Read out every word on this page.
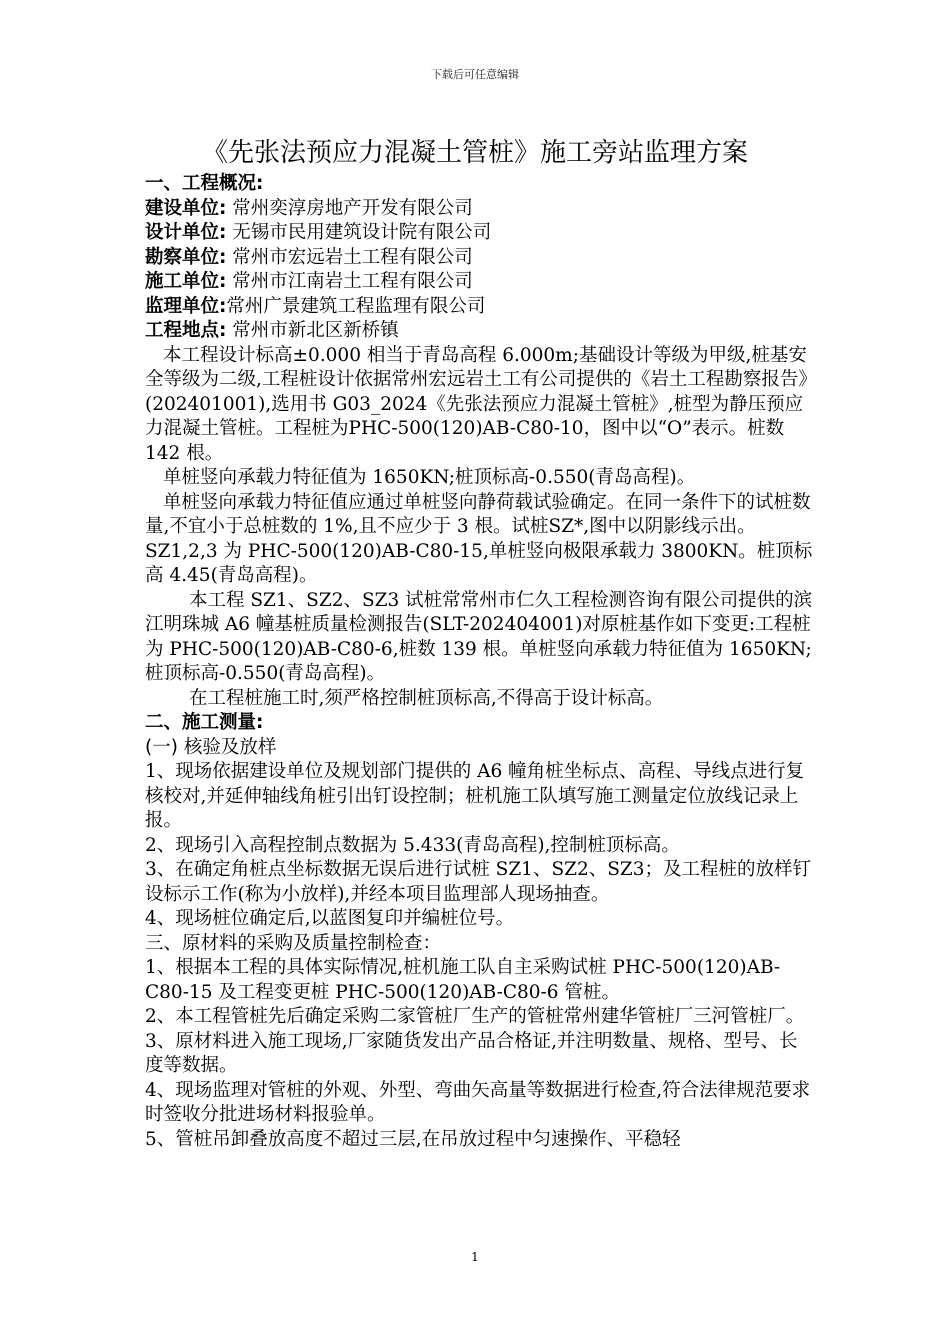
下载后可任意编辑
《先张法预应力混凝土管桩》施工旁站监理方案

一、工程概况:

建设单位: 常州奕淳房地产开发有限公司

设计单位: 无锡市民用建筑设计院有限公司

勘察单位: 常州市宏远岩土工程有限公司

施工单位: 常州市江南岩土工程有限公司

监理单位:常州广景建筑工程监理有限公司

工程地点: 常州市新北区新桥镇

本工程设计标高±0.000 相当于青岛高程 6.000m;基础设计等级为甲级,桩基安全等级为二级,工程桩设计依据常州宏远岩土工有公司提供的《岩土工程勘察报告》(202401001),选用书 G03_2024《先张法预应力混凝土管桩》,桩型为静压预应力混凝土管桩。工程桩为PHC-500(120)AB-C80-10，图中以“O”表示。桩数 142 根。

单桩竖向承载力特征值为 1650KN;桩顶标高-0.550(青岛高程)。

单桩竖向承载力特征值应通过单桩竖向静荷载试验确定。在同一条件下的试桩数量,不宜小于总桩数的 1%,且不应少于 3 根。试桩SZ*,图中以阴影线示出。SZ1,2,3 为 PHC-500(120)AB-C80-15,单桩竖向极限承载力 3800KN。桩顶标高 4.45(青岛高程)。

本工程 SZ1、SZ2、SZ3 试桩常常州市仁久工程检测咨询有限公司提供的滨江明珠城 A6 幢基桩质量检测报告(SLT-202404001)对原桩基作如下变更:工程桩为 PHC-500(120)AB-C80-6,桩数 139 根。单桩竖向承载力特征值为 1650KN;桩顶标高-0.550(青岛高程)。

在工程桩施工时,须严格控制桩顶标高,不得高于设计标高。

二、施工测量:

(一) 核验及放样

1、现场依据建设单位及规划部门提供的 A6 幢角桩坐标点、高程、导线点进行复核校对,并延伸轴线角桩引出钉设控制；桩机施工队填写施工测量定位放线记录上报。

2、现场引入高程控制点数据为 5.433(青岛高程),控制桩顶标高。

3、在确定角桩点坐标数据无误后进行试桩 SZ1、SZ2、SZ3；及工程桩的放样钉设标示工作(称为小放样),并经本项目监理部人现场抽查。

4、现场桩位确定后,以蓝图复印并编桩位号。

三、原材料的采购及质量控制检查：

1、根据本工程的具体实际情况,桩机施工队自主采购试桩 PHC-500(120)AB-C80-15 及工程变更桩 PHC-500(120)AB-C80-6 管桩。

2、本工程管桩先后确定采购二家管桩厂生产的管桩常州建华管桩厂三河管桩厂。

3、原材料进入施工现场,厂家随货发出产品合格证,并注明数量、规格、型号、长度等数据。

4、现场监理对管桩的外观、外型、弯曲矢高量等数据进行检查,符合法律规范要求时签收分批进场材料报验单。

5、管桩吊卸叠放高度不超过三层,在吊放过程中匀速操作、平稳轻

1
